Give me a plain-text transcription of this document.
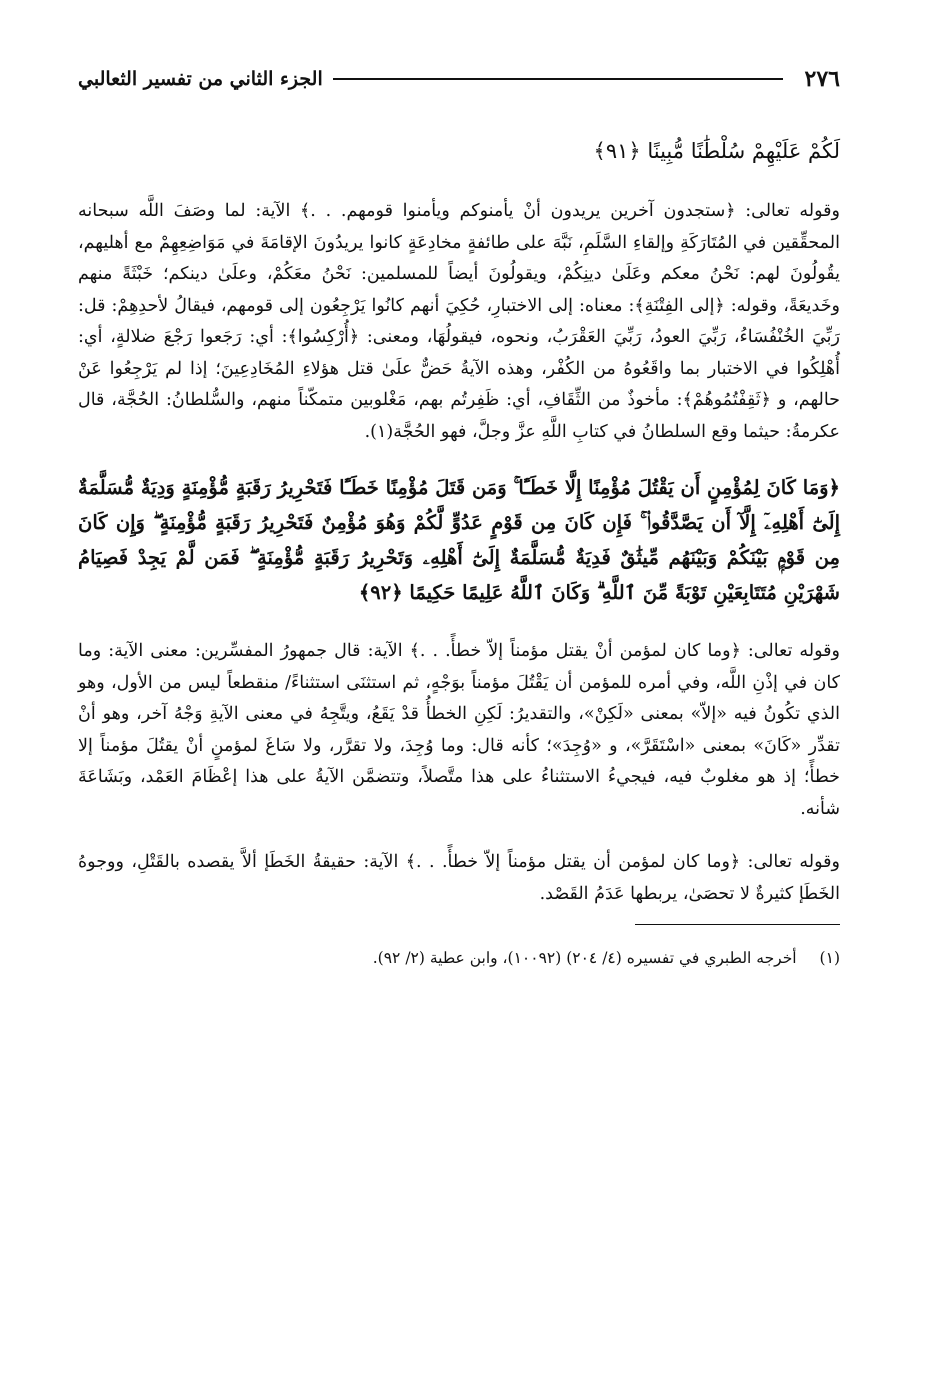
٢٧٦
الجزء الثاني من تفسير الثعالبي

لَكُمْ عَلَيْهِمْ سُلْطَٰنًا مُّبِينًا ﴿٩١﴾

وقوله تعالى: ﴿ستجدون آخرين يريدون أنْ يأمنوكم ويأمنوا قومهم. . .﴾ الآية: لما وصَفَ اللَّه سبحانه المحقِّقين في المُتَارَكَةِ وإلقاءِ السَّلَمِ، نَبَّهَ على طائفةٍ مخادِعَةٍ كانوا يريدُونَ الإقامَةَ في مَوَاضِعِهِمْ مع أهليهم، يقُولُونَ لهم: نَحْنُ معكم وعَلَىٰ دينِكُمْ، ويقولُونَ أيضاً للمسلمين: نَحْنُ معَكُمْ، وعلَىٰ دينكم؛ خَبْثَةً منهم وخَديعَةً، وقوله: ﴿إلى الفِتْنَةِ﴾: معناه: إلى الاختبارِ، حُكِيَ أنهم كانُوا يَرْجِعُون إلى قومهم، فيقالُ لأحدِهِمْ: قل: رَبِّيَ الخُنْفُسَاءُ، رَبِّيَ العودُ، رَبِّيَ العَقْرَبُ، ونحوه، فيقولُهَا، ومعنى: ﴿أُرْكِسُوا﴾: أي: رَجَعوا رَجْعَ ضلالةٍ، أي: أُهْلِكُوا في الاختبار بما واقَعُوهُ من الكُفْر، وهذه الآيةُ حَضٌّ علَىٰ قتل هؤلاءِ المُخَادِعِينَ؛ إذا لم يَرْجِعُوا عَنْ حالهم، و ﴿ثَقِفْتُمُوهُمْ﴾: مأخوذٌ من الثِّقَافِ، أي: ظَفِرتُم بهم، مَغْلوبين متمكّناً منهم، والسُّلطانُ: الحُجَّة، قال عكرمةُ: حيثما وقع السلطانُ في كتابِ اللَّهِ عزَّ وجلَّ، فهو الحُجَّة(١).

﴿وَمَا كَانَ لِمُؤْمِنٍ أَن يَقْتُلَ مُؤْمِنًا إِلَّا خَطَـًٔا ۚ وَمَن قَتَلَ مُؤْمِنًا خَطَـًٔا فَتَحْرِيرُ رَقَبَةٍ مُّؤْمِنَةٍ وَدِيَةٌ مُّسَلَّمَةٌ إِلَىٰٓ أَهْلِهِۦٓ إِلَّآ أَن يَصَّدَّقُوا۟ ۚ فَإِن كَانَ مِن قَوْمٍ عَدُوٍّ لَّكُمْ وَهُوَ مُؤْمِنٌ فَتَحْرِيرُ رَقَبَةٍ مُّؤْمِنَةٍ ۖ وَإِن كَانَ مِن قَوْمٍۭ بَيْنَكُمْ وَبَيْنَهُم مِّيثَٰقٌ فَدِيَةٌ مُّسَلَّمَةٌ إِلَىٰٓ أَهْلِهِۦ وَتَحْرِيرُ رَقَبَةٍ مُّؤْمِنَةٍ ۖ فَمَن لَّمْ يَجِدْ فَصِيَامُ شَهْرَيْنِ مُتَتَابِعَيْنِ تَوْبَةً مِّنَ ٱللَّهِ ۗ وَكَانَ ٱللَّهُ عَلِيمًا حَكِيمًا ﴿٩٢﴾

وقوله تعالى: ﴿وما كان لمؤمن أنْ يقتل مؤمناً إلاّ خطأً. . .﴾ الآية: قال جمهورُ المفسِّرين: معنى الآية: وما كان في إذْنِ اللَّه، وفي أمره للمؤمن أن يَقْتُلَ مؤمناً بوَجْهٍ، ثم استثنَى استثناءً/ منقطعاً ليس من الأول، وهو الذي تكُونُ فيه «إلاّ» بمعنى «لَكِنْ»، والتقديرُ: لَكِنِ الخطأُ قدْ يَقَعُ، ويتَّجِهُ في معنى الآيةِ وَجْهُ آخر، وهو أنْ تقدِّر «كَانَ» بمعنى «اسْتَقَرَّ»، و «وُجِدَ»؛ كأنه قال: وما وُجِدَ، ولا تقرَّر، ولا سَاغَ لمؤمنٍ أنْ يقتُلَ مؤمناً إلا خطأً؛ إذ هو مغلوبٌ فيه، فيجيءُ الاستثناءُ على هذا متَّصلاً، وتتضمَّن الآيةُ على هذا إعْظَامَ العَمْد، وبَشَاعَةَ شأنه.

وقوله تعالى: ﴿وما كان لمؤمن أن يقتل مؤمناً إلاّ خطأً. . .﴾ الآية: حقيقةُ الخَطَإ ألاَّ يقصده بالقَتْلِ، ووجوهُ الخَطَإ كثيرةٌ لا تحصَىٰ، يربطها عَدَمُ القَصْد.

(١) أخرجه الطبري في تفسيره (٤/ ٢٠٤) (١٠٠٩٢)، وابن عطية (٢/ ٩٢).
